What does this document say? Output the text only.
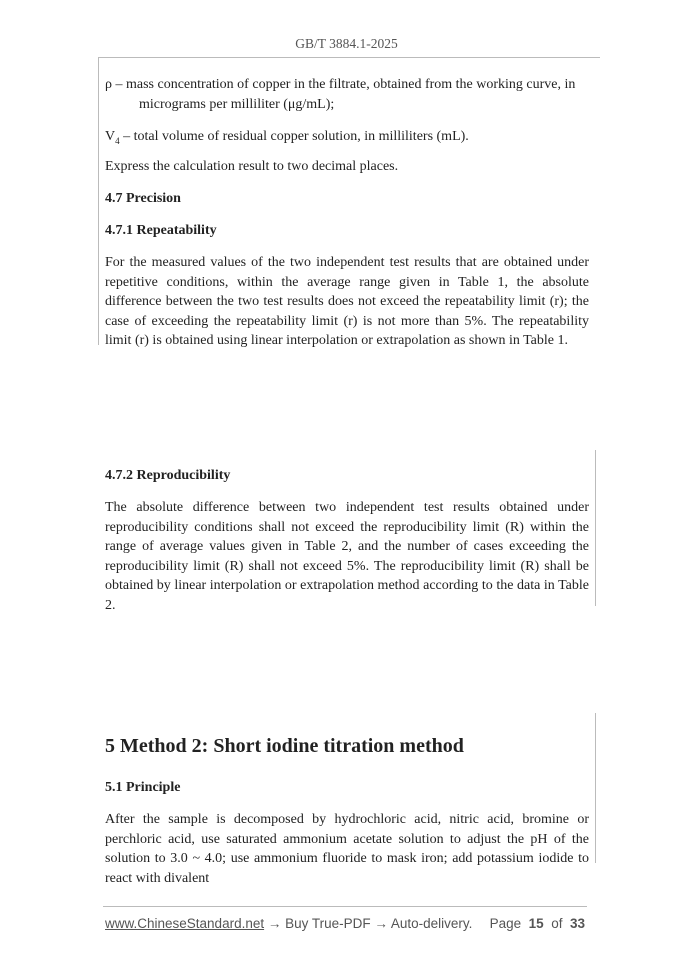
GB/T 3884.1-2025
ρ – mass concentration of copper in the filtrate, obtained from the working curve, in
micrograms per milliliter (μg/mL);
$V_4$ – total volume of residual copper solution, in milliliters (mL).

Express the calculation result to two decimal places.

4.7 Precision

4.7.1 Repeatability

For the measured values of the two independent test results that are obtained under repetitive conditions, within the average range given in Table 1, the absolute difference between the two test results does not exceed the repeatability limit (r); the case of exceeding the repeatability limit (r) is not more than 5%. The repeatability limit (r) is obtained using linear interpolation or extrapolation as shown in Table 1.

4.7.2 Reproducibility

The absolute difference between two independent test results obtained under reproducibility conditions shall not exceed the reproducibility limit (R) within the range of average values given in Table 2, and the number of cases exceeding the reproducibility limit (R) shall not exceed 5%. The reproducibility limit (R) shall be obtained by linear interpolation or extrapolation method according to the data in Table 2.

5 Method 2: Short iodine titration method

5.1 Principle

After the sample is decomposed by hydrochloric acid, nitric acid, bromine or perchloric acid, use saturated ammonium acetate solution to adjust the pH of the solution to 3.0 ~ 4.0; use ammonium fluoride to mask iron; add potassium iodide to react with divalent

www.ChineseStandard.net → Buy True-PDF → Auto-delivery. Page 15 of 33
